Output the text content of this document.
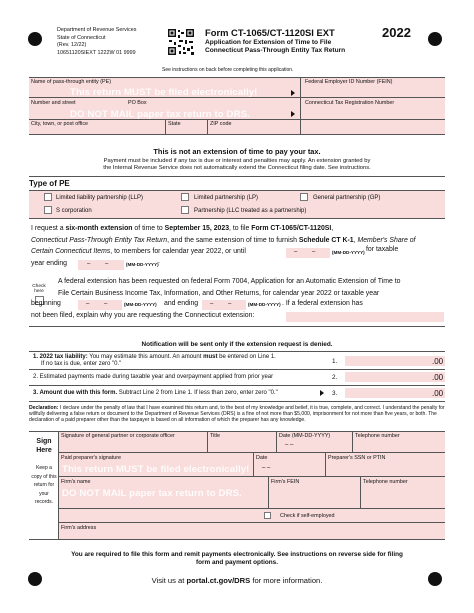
Department of Revenue Services
State of Connecticut
(Rev. 12/22)
10651120SIEXT 1222W 01 9999
Form CT-1065/CT-1120SI EXT	2022
Application for Extension of Time to File
Connecticut Pass-Through Entity Tax Return
See instructions on back before completing this application.
Name of pass-through entity (PE)
This return MUST be filed electronically!
Federal Employer ID Number (FEIN)
Number and street	PO Box
DO NOT MAIL paper tax return to DRS.
Connecticut Tax Registration Number
City, town, or post office	State	ZIP code
This is not an extension of time to pay your tax.
Payment must be included if any tax is due or interest and penalties may apply. An extension granted by
the Internal Revenue Service does not automatically extend the Connecticut filing date. See instructions.
Type of PE
Limited liability partnership (LLP)	Limited partnership (LP)	General partnership (GP)
S corporation	Partnership (LLC treated as a partnership)
I request a six-month extension of time to September 15, 2023, to file Form CT-1065/CT-1120SI,
Connecticut Pass-Through Entity Tax Return, and the same extension of time to furnish Schedule CT K-1, Member's Share of
Certain Connecticut Items, to members for calendar year 2022, or until
year ending
– –	(MM-DD-YYYY) for taxable
– –	(MM-DD-YYYY) .
Check here
A federal extension has been requested on federal Form 7004, Application for an Automatic Extension of Time to
File Certain Business Income Tax, Information, and Other Returns, for calendar year 2022 or taxable year
beginning	– –	(MM-DD-YYYY) and ending – –	(MM-DD-YYYY) . If a federal extension has
not been filed, explain why you are requesting the Connecticut extension:
Notification will be sent only if the extension request is denied.
1. 2022 tax liability: You may estimate this amount. An amount must be entered on Line 1.
If no tax is due, enter zero "0."	1.	.00
2. Estimated payments made during taxable year and overpayment applied from prior year	2.	.00
3. Amount due with this form. Subtract Line 2 from Line 1. If less than zero, enter zero "0."	3.	.00
Declaration: I declare under the penalty of law that I have examined this return and, to the best of my knowledge and belief, it is true, complete, and correct. I understand the penalty for willfully delivering a false return or document to the Department of Revenue Services (DRS) is a fine of not more than $5,000, imprisonment for not more than five years, or both. The declaration of a paid preparer other than the taxpayer is based on all information of which the preparer has any knowledge.
Sign Here
Keep a copy of this return for your records.
Signature of general partner or corporate officer	Title	Date (MM-DD-YYYY)
– –
Telephone number
Paid preparer's signature
This return MUST be filed electronically!
Date
– –
Preparer's SSN or PTIN
Firm's name
DO NOT MAIL paper tax return to DRS.
Firm's FEIN	Telephone number
Check if self-employed
Firm's address
You are required to file this form and remit payments electronically. See instructions on reverse side for filing
form and payment options.
Visit us at portal.ct.gov/DRS for more information.
